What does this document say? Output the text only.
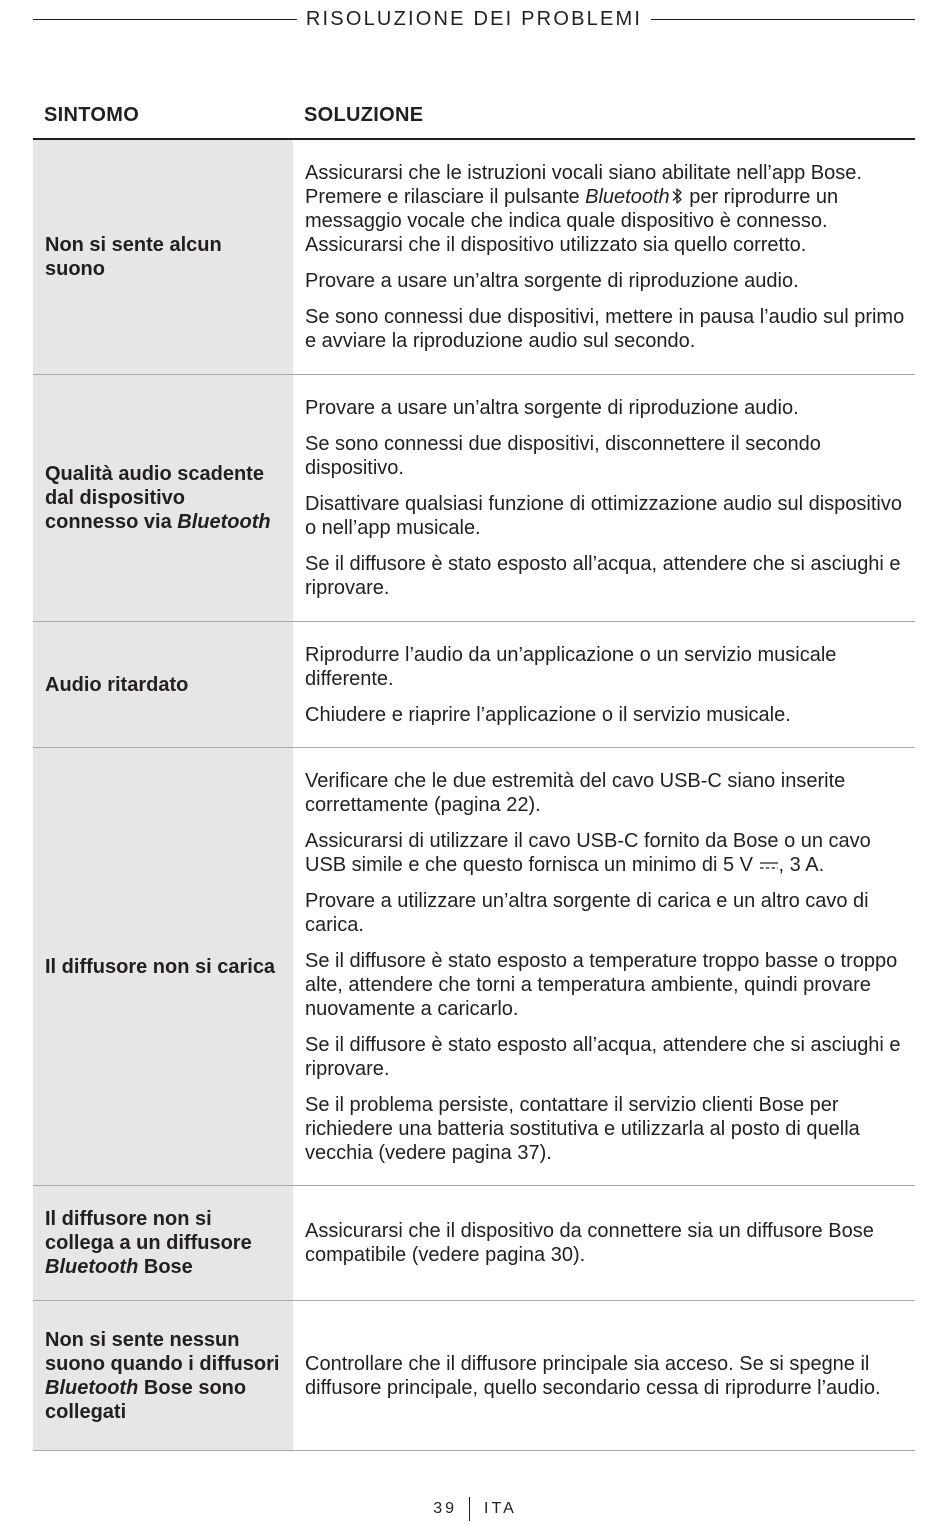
RISOLUZIONE DEI PROBLEMI
SINTOMO	SOLUZIONE
Non si sente alcun suono

Assicurarsi che le istruzioni vocali siano abilitate nell’app Bose. Premere e rilasciare il pulsante Bluetooth per riprodurre un messaggio vocale che indica quale dispositivo è connesso. Assicurarsi che il dispositivo utilizzato sia quello corretto.

Provare a usare un’altra sorgente di riproduzione audio.

Se sono connessi due dispositivi, mettere in pausa l’audio sul primo e avviare la riproduzione audio sul secondo.

Qualità audio scadente dal dispositivo connesso via Bluetooth

Provare a usare un’altra sorgente di riproduzione audio.

Se sono connessi due dispositivi, disconnettere il secondo dispositivo.

Disattivare qualsiasi funzione di ottimizzazione audio sul dispositivo o nell’app musicale.

Se il diffusore è stato esposto all’acqua, attendere che si asciughi e riprovare.

Audio ritardato

Riprodurre l’audio da un’applicazione o un servizio musicale differente.

Chiudere e riaprire l’applicazione o il servizio musicale.

Il diffusore non si carica

Verificare che le due estremità del cavo USB-C siano inserite correttamente (pagina 22).

Assicurarsi di utilizzare il cavo USB-C fornito da Bose o un cavo USB simile e che questo fornisca un minimo di 5 V , 3 A.

Provare a utilizzare un’altra sorgente di carica e un altro cavo di carica.

Se il diffusore è stato esposto a temperature troppo basse o troppo alte, attendere che torni a temperatura ambiente, quindi provare nuovamente a caricarlo.

Se il diffusore è stato esposto all’acqua, attendere che si asciughi e riprovare.

Se il problema persiste, contattare il servizio clienti Bose per richiedere una batteria sostitutiva e utilizzarla al posto di quella vecchia (vedere pagina 37).

Il diffusore non si collega a un diffusore Bluetooth Bose

Assicurarsi che il dispositivo da connettere sia un diffusore Bose compatibile (vedere pagina 30).

Non si sente nessun suono quando i diffusori Bluetooth Bose sono collegati

Controllare che il diffusore principale sia acceso. Se si spegne il diffusore principale, quello secondario cessa di riprodurre l’audio.

39 ITA
